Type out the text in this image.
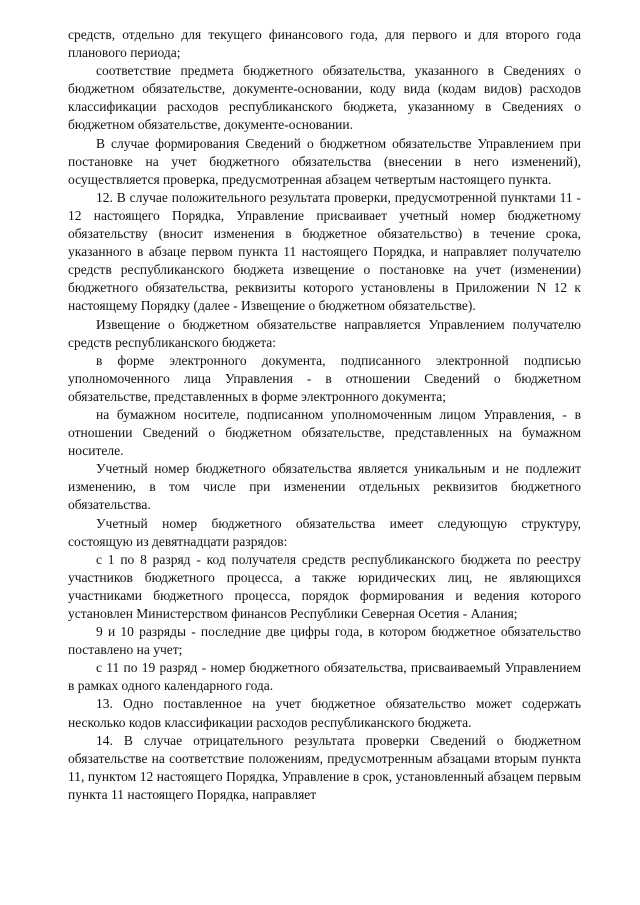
средств, отдельно для текущего финансового года, для первого и для второго года планового периода;

соответствие предмета бюджетного обязательства, указанного в Сведениях о бюджетном обязательстве, документе-основании, коду вида (кодам видов) расходов классификации расходов республиканского бюджета, указанному в Сведениях о бюджетном обязательстве, документе-основании.

В случае формирования Сведений о бюджетном обязательстве Управлением при постановке на учет бюджетного обязательства (внесении в него изменений), осуществляется проверка, предусмотренная абзацем четвертым настоящего пункта.

12. В случае положительного результата проверки, предусмотренной пунктами 11 - 12 настоящего Порядка, Управление присваивает учетный номер бюджетному обязательству (вносит изменения в бюджетное обязательство) в течение срока, указанного в абзаце первом пункта 11 настоящего Порядка, и направляет получателю средств республиканского бюджета извещение о постановке на учет (изменении) бюджетного обязательства, реквизиты которого установлены в Приложении N 12 к настоящему Порядку (далее - Извещение о бюджетном обязательстве).

Извещение о бюджетном обязательстве направляется Управлением получателю средств республиканского бюджета:

в форме электронного документа, подписанного электронной подписью уполномоченного лица Управления - в отношении Сведений о бюджетном обязательстве, представленных в форме электронного документа;

на бумажном носителе, подписанном уполномоченным лицом Управления, - в отношении Сведений о бюджетном обязательстве, представленных на бумажном носителе.

Учетный номер бюджетного обязательства является уникальным и не подлежит изменению, в том числе при изменении отдельных реквизитов бюджетного обязательства.

Учетный номер бюджетного обязательства имеет следующую структуру, состоящую из девятнадцати разрядов:

с 1 по 8 разряд - код получателя средств республиканского бюджета по реестру участников бюджетного процесса, а также юридических лиц, не являющихся участниками бюджетного процесса, порядок формирования и ведения которого установлен Министерством финансов Республики Северная Осетия - Алания;

9 и 10 разряды - последние две цифры года, в котором бюджетное обязательство поставлено на учет;

с 11 по 19 разряд - номер бюджетного обязательства, присваиваемый Управлением в рамках одного календарного года.

13. Одно поставленное на учет бюджетное обязательство может содержать несколько кодов классификации расходов республиканского бюджета.

14. В случае отрицательного результата проверки Сведений о бюджетном обязательстве на соответствие положениям, предусмотренным абзацами вторым пункта 11, пунктом 12 настоящего Порядка, Управление в срок, установленный абзацем первым пункта 11 настоящего Порядка, направляет
